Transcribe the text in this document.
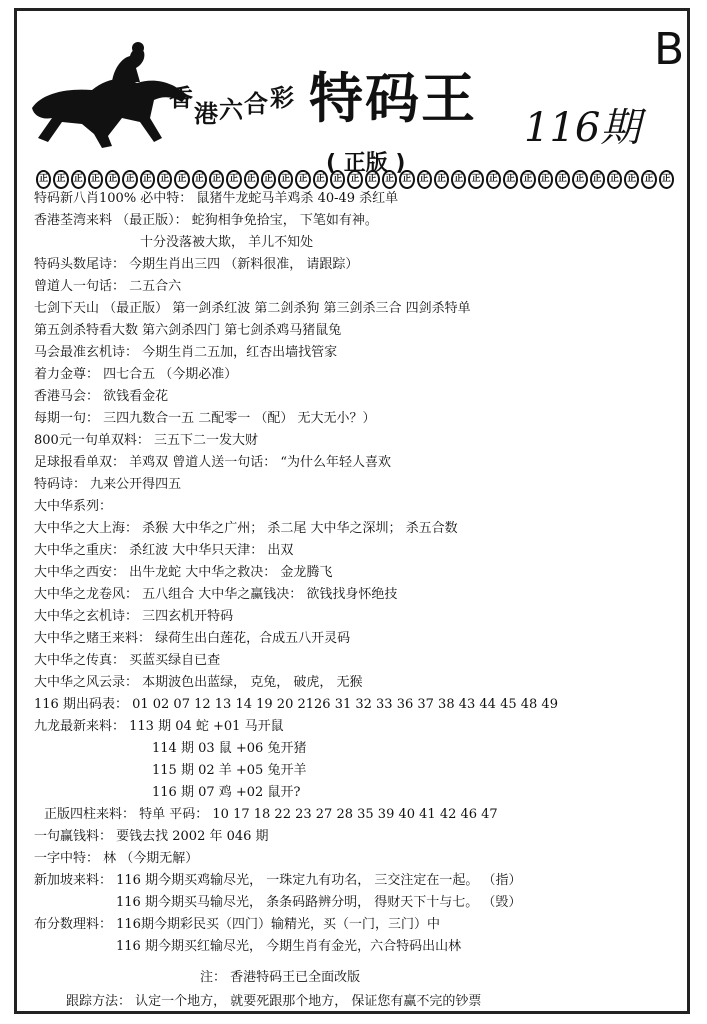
香
港 六 合 彩 特码王 116期
B
( 正版 )
正 正 正 正 正 正 正 正 正 正 正 正 正 正 正 正 正 正 正 正 正 正 正 正 正 正 正 正 正 正 正 正 正 正 正 正 正
特码新八肖100% 必中特： 鼠猪牛龙蛇马羊鸡杀 40-49 杀红单
香港荃湾来料 （最正版）： 蛇狗相争免拾宝， 下笔如有神。
十分没落被大欺， 羊儿不知处
特码头数尾诗： 今期生肖出三四 （新料很准， 请跟踪）
曾道人一句话： 二五合六
七剑下天山 （最正版） 第一剑杀红波 第二剑杀狗 第三剑杀三合 四剑杀特单
第五剑杀特看大数 第六剑杀四门 第七剑杀鸡马猪鼠兔
马会最准玄机诗： 今期生肖二五加，红杏出墙找管家
着力金尊： 四七合五 （今期必准）
香港马会： 欲钱看金花
每期一句： 三四九数合一五 二配零一 （配） 无大无小？）
800元一句单双料： 三五下二一发大财
足球报看单双： 羊鸡双 曾道人送一句话： “为什么年轻人喜欢
特码诗： 九来公开得四五
大中华系列：
大中华之大上海： 杀猴 大中华之广州； 杀二尾 大中华之深圳； 杀五合数
大中华之重庆： 杀红波 大中华只天津： 出双
大中华之西安： 出牛龙蛇 大中华之救决： 金龙腾飞
大中华之龙卷风： 五八组合 大中华之赢钱决： 欲钱找身怀绝技
大中华之玄机诗： 三四玄机开特码
大中华之赌王来料： 绿荷生出白莲花，合成五八开灵码
大中华之传真： 买蓝买绿自已查
大中华之风云录： 本期波色出蓝绿， 克兔， 破虎， 无猴
116 期出码表： 01 02 07 12 13 14 19 20 2126 31 32 33 36 37 38 43 44 45 48 49
九龙最新来料： 113 期 04 蛇 +01 马开鼠
114 期 03 鼠 +06 兔开猪
115 期 02 羊 +05 兔开羊
116 期 07 鸡 +02 鼠开?
正版四柱来料： 特单 平码： 10 17 18 22 23 27 28 35 39 40 41 42 46 47
一句赢钱料： 要钱去找 2002 年 046 期
一字中特： 林 （今期无解）
新加坡来料： 116 期今期买鸡输尽光， 一珠定九有功名， 三交注定在一起。 （指）
116 期今期买马输尽光， 条条码路辨分明， 得财天下十与七。 （毁）
布分数理料： 116期今期彩民买（四门）输精光，买（一门，三门）中
116 期今期买红输尽光， 今期生肖有金光，六合特码出山林
注： 香港特码王已全面改版
跟踪方法： 认定一个地方， 就要死跟那个地方， 保证您有赢不完的钞票
